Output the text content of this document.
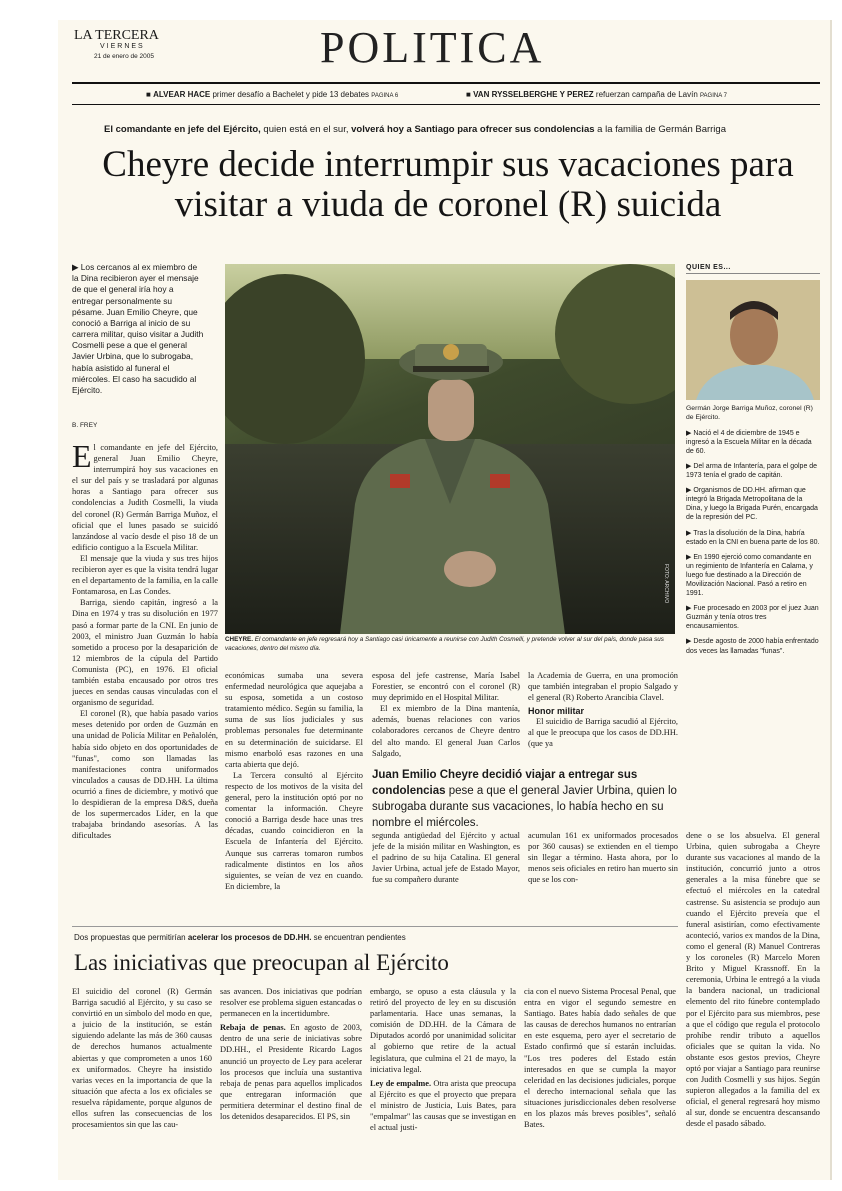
LA TERCERA
VIERNES
21 de enero de 2005	POLITICA
■ ALVEAR HACE primer desafío a Bachelet y pide 13 debates PAGINA 6	■ VAN RYSSELBERGHE Y PEREZ refuerzan campaña de Lavín PAGINA 7
El comandante en jefe del Ejército, quien está en el sur, volverá hoy a Santiago para ofrecer sus condolencias a la familia de Germán Barriga
Cheyre decide interrumpir sus vacaciones para visitar a viuda de coronel (R) suicida
▶ Los cercanos al ex miembro de la Dina recibieron ayer el mensaje de que el general iría hoy a entregar personalmente su pésame. Juan Emilio Cheyre, que conoció a Barriga al inicio de su carrera militar, quiso visitar a Judith Cosmelli pese a que el general Javier Urbina, que lo subrogaba, había asistido al funeral el miércoles. El caso ha sacudido al Ejército.
B. FREY
FOTO: ARCHIVO
CHEYRE. El comandante en jefe regresará hoy a Santiago casi únicamente a reunirse con Judith Cosmelli, y pretende volver al sur del país, donde pasa sus vacaciones, dentro del mismo día.
QUIEN ES...
Germán Jorge Barriga Muñoz, coronel (R) de Ejército.
▶ Nació el 4 de diciembre de 1945 e ingresó a la Escuela Militar en la década de 60.
▶ Del arma de Infantería, para el golpe de 1973 tenía el grado de capitán.
▶ Organismos de DD.HH. afirman que integró la Brigada Metropolitana de la Dina, y luego la Brigada Purén, encargada de la represión del PC.
▶ Tras la disolución de la Dina, habría estado en la CNI en buena parte de los 80.
▶ En 1990 ejerció como comandante en un regimiento de Infantería en Calama, y luego fue destinado a la Dirección de Movilización Nacional. Pasó a retiro en 1991.
▶ Fue procesado en 2003 por el juez Juan Guzmán y tenía otros tres encausamientos.
▶ Desde agosto de 2000 había enfrentado dos veces las llamadas "funas".
El comandante en jefe del Ejército, general Juan Emilio Cheyre, interrumpirá hoy sus vacaciones en el sur del país y se trasladará por algunas horas a Santiago para ofrecer sus condolencias a Judith Cosmelli, la viuda del coronel (R) Germán Barriga Muñoz, el oficial que el lunes pasado se suicidó lanzándose al vacío desde el piso 18 de un edificio contiguo a la Escuela Militar.

El mensaje que la viuda y sus tres hijos recibieron ayer es que la visita tendrá lugar en el departamento de la familia, en la calle Fontamarosa, en Las Condes.

Barriga, siendo capitán, ingresó a la Dina en 1974 y tras su disolución en 1977 pasó a formar parte de la CNI. En junio de 2003, el ministro Juan Guzmán lo había sometido a proceso por la desaparición de 12 miembros de la cúpula del Partido Comunista (PC), en 1976. El oficial también estaba encausado por otros tres jueces en sendas causas vinculadas con el organismo de seguridad.

El coronel (R), que había pasado varios meses detenido por orden de Guzmán en una unidad de Policía Militar en Peñalolén, había sido objeto en dos oportunidades de "funas", como son llamadas las manifestaciones contra uniformados vinculados a causas de DD.HH. La última ocurrió a fines de diciembre, y motivó que lo despidieran de la empresa D&S, dueña de los supermercados Líder, en la que trabajaba brindando asesorías. A las dificultades

económicas sumaba una severa enfermedad neurológica que aquejaba a su esposa, sometida a un costoso tratamiento médico. Según su familia, la suma de sus líos judiciales y sus problemas personales fue determinante en su determinación de suicidarse. El mismo enarboló esas razones en una carta abierta que dejó.

La Tercera consultó al Ejército respecto de los motivos de la visita del general, pero la institución optó por no comentar la información. Cheyre conoció a Barriga desde hace unas tres décadas, cuando coincidieron en la Escuela de Infantería del Ejército. Aunque sus carreras tomaron rumbos radicalmente distintos en los años siguientes, se veían de vez en cuando. En diciembre, la

esposa del jefe castrense, María Isabel Forestier, se encontró con el coronel (R) muy deprimido en el Hospital Militar.

El ex miembro de la Dina mantenía, además, buenas relaciones con varios colaboradores cercanos de Cheyre dentro del alto mando. El general Juan Carlos Salgado,

la Academia de Guerra, en una promoción que también integraban el propio Salgado y el general (R) Roberto Arancibia Clavel.

Honor militar

El suicidio de Barriga sacudió al Ejército, al que le preocupa que los casos de DD.HH. (que ya

Juan Emilio Cheyre decidió viajar a entregar sus condolencias pese a que el general Javier Urbina, quien lo subrogaba durante sus vacaciones, lo había hecho en su nombre el miércoles.
segunda antigüedad del Ejército y actual jefe de la misión militar en Washington, es el padrino de su hija Catalina. El general Javier Urbina, actual jefe de Estado Mayor, fue su compañero durante
acumulan 161 ex uniformados procesados por 360 causas) se extienden en el tiempo sin llegar a término. Hasta ahora, por lo menos seis oficiales en retiro han muerto sin que se los con-
dene o se los absuelva. El general Urbina, quien subrogaba a Cheyre durante sus vacaciones al mando de la institución, concurrió junto a otros generales a la misa fúnebre que se efectuó el miércoles en la catedral castrense. Su asistencia se produjo aun cuando el Ejército preveía que el funeral asistirían, como efectivamente aconteció, varios ex mandos de la Dina, como el general (R) Manuel Contreras y los coroneles (R) Marcelo Moren Brito y Miguel Krassnoff. En la ceremonia, Urbina le entregó a la viuda la bandera nacional, un tradicional elemento del rito fúnebre contemplado por el Ejército para sus miembros, pese a que el código que regula el protocolo prohíbe rendir tributo a aquellos oficiales que se quitan la vida. No obstante esos gestos previos, Cheyre optó por viajar a Santiago para reunirse con Judith Cosmelli y sus hijos. Según supieron allegados a la familia del ex oficial, el general regresará hoy mismo al sur, donde se encuentra descansando desde el pasado sábado.
Dos propuestas que permitirían acelerar los procesos de DD.HH. se encuentran pendientes
Las iniciativas que preocupan al Ejército
El suicidio del coronel (R) Germán Barriga sacudió al Ejército, y su caso se convirtió en un símbolo del modo en que, a juicio de la institución, se están siguiendo adelante las más de 360 causas de derechos humanos actualmente abiertas y que comprometen a unos 160 ex uniformados. Cheyre ha insistido varias veces en la importancia de que la situación que afecta a los ex oficiales se resuelva rápidamente, porque algunos de ellos sufren las consecuencias de los procesamientos sin que las cau-

sas avancen. Dos iniciativas que podrían resolver ese problema siguen estancadas o permanecen en la incertidumbre.

Rebaja de penas. En agosto de 2003, dentro de una serie de iniciativas sobre DD.HH., el Presidente Ricardo Lagos anunció un proyecto de Ley para acelerar los procesos que incluía una sustantiva rebaja de penas para aquellos implicados que entregaran información que permitiera determinar el destino final de los detenidos desaparecidos. El PS, sin

embargo, se opuso a esta cláusula y la retiró del proyecto de ley en su discusión parlamentaria. Hace unas semanas, la comisión de DD.HH. de la Cámara de Diputados acordó por unanimidad solicitar al gobierno que retire de la actual legislatura, que culmina el 21 de mayo, la iniciativa legal.

Ley de empalme. Otra arista que preocupa al Ejército es que el proyecto que prepara el ministro de Justicia, Luis Bates, para "empalmar" las causas que se investigan en el actual justi-

cia con el nuevo Sistema Procesal Penal, que entra en vigor el segundo semestre en Santiago. Bates había dado señales de que las causas de derechos humanos no entrarían en este esquema, pero ayer el secretario de Estado confirmó que sí estarán incluidas. "Los tres poderes del Estado están interesados en que se cumpla la mayor celeridad en las decisiones judiciales, porque el derecho internacional señala que las situaciones jurisdiccionales deben resolverse en los plazos más breves posibles", señaló Bates.
